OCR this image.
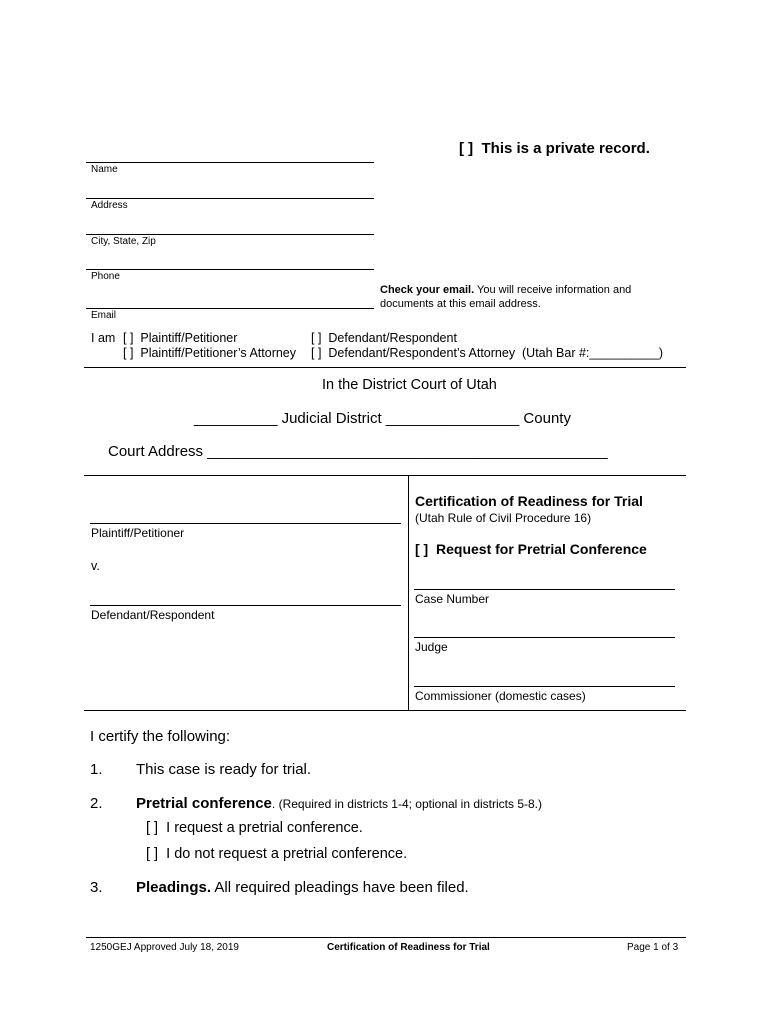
[ ]  This is a private record.
Name
Address
City, State, Zip
Phone
Email
Check your email. You will receive information and
documents at this email address.
I am [ ]  Plaintiff/Petitioner	[ ]  Defendant/Respondent
[ ]  Plaintiff/Petitioner’s Attorney [ ]  Defendant/Respondent’s Attorney  (Utah Bar #:__________)
In the District Court of Utah
__________ Judicial District ________________ County
Court Address ________________________________________________
Plaintiff/Petitioner
v.
Defendant/Respondent
Certification of Readiness for Trial
(Utah Rule of Civil Procedure 16)
[ ]  Request for Pretrial Conference
Case Number
Judge
Commissioner (domestic cases)
I certify the following:
1. This case is ready for trial.
2. Pretrial conference. (Required in districts 1-4; optional in districts 5-8.)
[ ]  I request a pretrial conference.
[ ]  I do not request a pretrial conference.
3. Pleadings. All required pleadings have been filed.
1250GEJ Approved July 18, 2019	Certification of Readiness for Trial	Page 1 of 3
